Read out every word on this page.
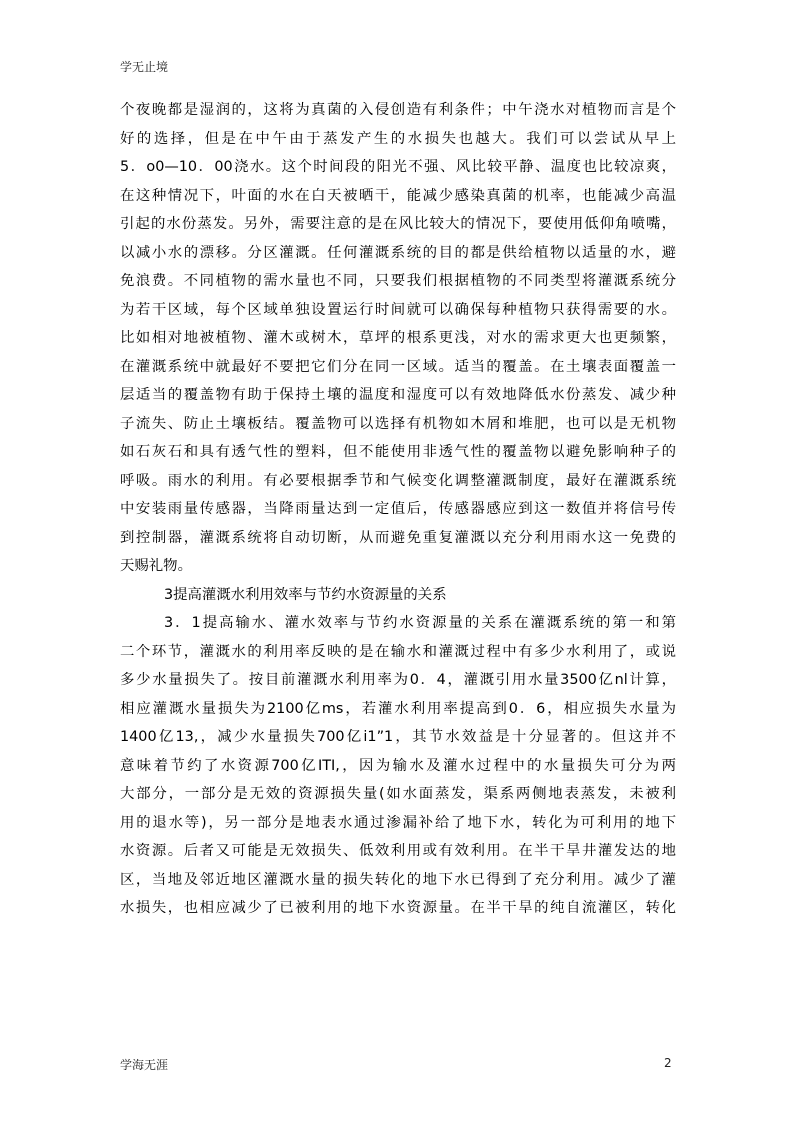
学无止境
个夜晚都是湿润的，这将为真菌的入侵创造有利条件；中午浇水对植物而言是个
好的选择，但是在中午由于蒸发产生的水损失也越大。我们可以尝试从早上
5．o0—10．00浇水。这个时间段的阳光不强、风比较平静、温度也比较凉爽，
在这种情况下，叶面的水在白天被晒干，能减少感染真菌的机率，也能减少高温
引起的水份蒸发。另外，需要注意的是在风比较大的情况下，要使用低仰角喷嘴，
以减小水的漂移。分区灌溉。任何灌溉系统的目的都是供给植物以适量的水，避
免浪费。不同植物的需水量也不同，只要我们根据植物的不同类型将灌溉系统分
为若干区域，每个区域单独设置运行时间就可以确保每种植物只获得需要的水。
比如相对地被植物、灌木或树木，草坪的根系更浅，对水的需求更大也更频繁，
在灌溉系统中就最好不要把它们分在同一区域。适当的覆盖。在土壤表面覆盖一
层适当的覆盖物有助于保持土壤的温度和湿度可以有效地降低水份蒸发、减少种
子流失、防止土壤板结。覆盖物可以选择有机物如木屑和堆肥，也可以是无机物
如石灰石和具有透气性的塑料，但不能使用非透气性的覆盖物以避免影响种子的
呼吸。雨水的利用。有必要根据季节和气候变化调整灌溉制度，最好在灌溉系统
中安装雨量传感器，当降雨量达到一定值后，传感器感应到这一数值并将信号传
到控制器，灌溉系统将自动切断，从而避免重复灌溉以充分利用雨水这一免费的
天赐礼物。
3提高灌溉水利用效率与节约水资源量的关系
3．1提高输水、灌水效率与节约水资源量的关系在灌溉系统的第一和第
二个环节，灌溉水的利用率反映的是在输水和灌溉过程中有多少水利用了，或说
多少水量损失了。按目前灌溉水利用率为0．4，灌溉引用水量3500亿nl计算，
相应灌溉水量损失为2100亿ms，若灌水利用率提高到0．6，相应损失水量为
1400亿13,，减少水量损失700亿i1”1，其节水效益是十分显著的。但这并不
意味着节约了水资源700亿ITI,，因为输水及灌水过程中的水量损失可分为两
大部分，一部分是无效的资源损失量(如水面蒸发，渠系两侧地表蒸发，未被利
用的退水等)，另一部分是地表水通过渗漏补给了地下水，转化为可利用的地下
水资源。后者又可能是无效损失、低效利用或有效利用。在半干旱井灌发达的地
区，当地及邻近地区灌溉水量的损失转化的地下水已得到了充分利用。减少了灌
水损失，也相应减少了已被利用的地下水资源量。在半干旱的纯自流灌区，转化
学海无涯	2
